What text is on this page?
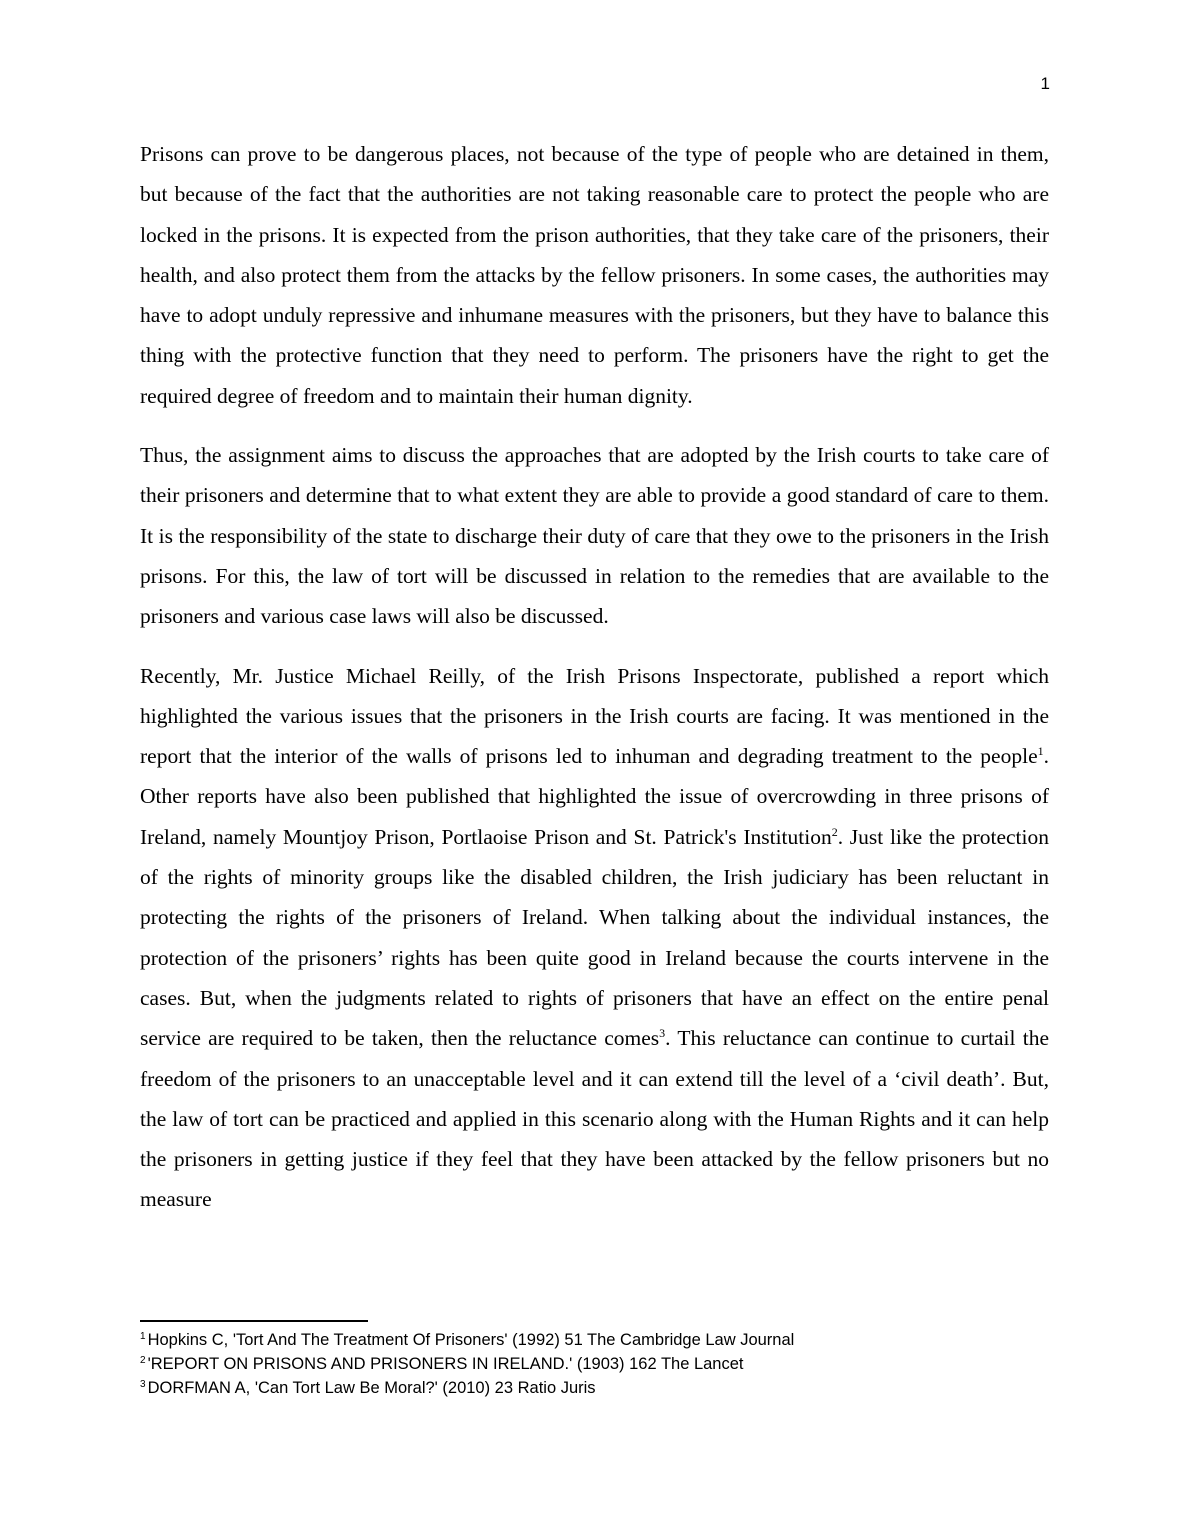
1

Prisons can prove to be dangerous places, not because of the type of people who are detained in them, but because of the fact that the authorities are not taking reasonable care to protect the people who are locked in the prisons. It is expected from the prison authorities, that they take care of the prisoners, their health, and also protect them from the attacks by the fellow prisoners. In some cases, the authorities may have to adopt unduly repressive and inhumane measures with the prisoners, but they have to balance this thing with the protective function that they need to perform. The prisoners have the right to get the required degree of freedom and to maintain their human dignity.

Thus, the assignment aims to discuss the approaches that are adopted by the Irish courts to take care of their prisoners and determine that to what extent they are able to provide a good standard of care to them. It is the responsibility of the state to discharge their duty of care that they owe to the prisoners in the Irish prisons. For this, the law of tort will be discussed in relation to the remedies that are available to the prisoners and various case laws will also be discussed.

Recently, Mr. Justice Michael Reilly, of the Irish Prisons Inspectorate, published a report which highlighted the various issues that the prisoners in the Irish courts are facing. It was mentioned in the report that the interior of the walls of prisons led to inhuman and degrading treatment to the people$^1$. Other reports have also been published that highlighted the issue of overcrowding in three prisons of Ireland, namely Mountjoy Prison, Portlaoise Prison and St. Patrick's Institution$^2$. Just like the protection of the rights of minority groups like the disabled children, the Irish judiciary has been reluctant in protecting the rights of the prisoners of Ireland. When talking about the individual instances, the protection of the prisoners’ rights has been quite good in Ireland because the courts intervene in the cases. But, when the judgments related to rights of prisoners that have an effect on the entire penal service are required to be taken, then the reluctance comes$^3$. This reluctance can continue to curtail the freedom of the prisoners to an unacceptable level and it can extend till the level of a ‘civil death’. But, the law of tort can be practiced and applied in this scenario along with the Human Rights and it can help the prisoners in getting justice if they feel that they have been attacked by the fellow prisoners but no measure

$^1$ Hopkins C, 'Tort And The Treatment Of Prisoners' (1992) 51 The Cambridge Law Journal
$^2$ 'REPORT ON PRISONS AND PRISONERS IN IRELAND.' (1903) 162 The Lancet
$^3$ DORFMAN A, 'Can Tort Law Be Moral?' (2010) 23 Ratio Juris
